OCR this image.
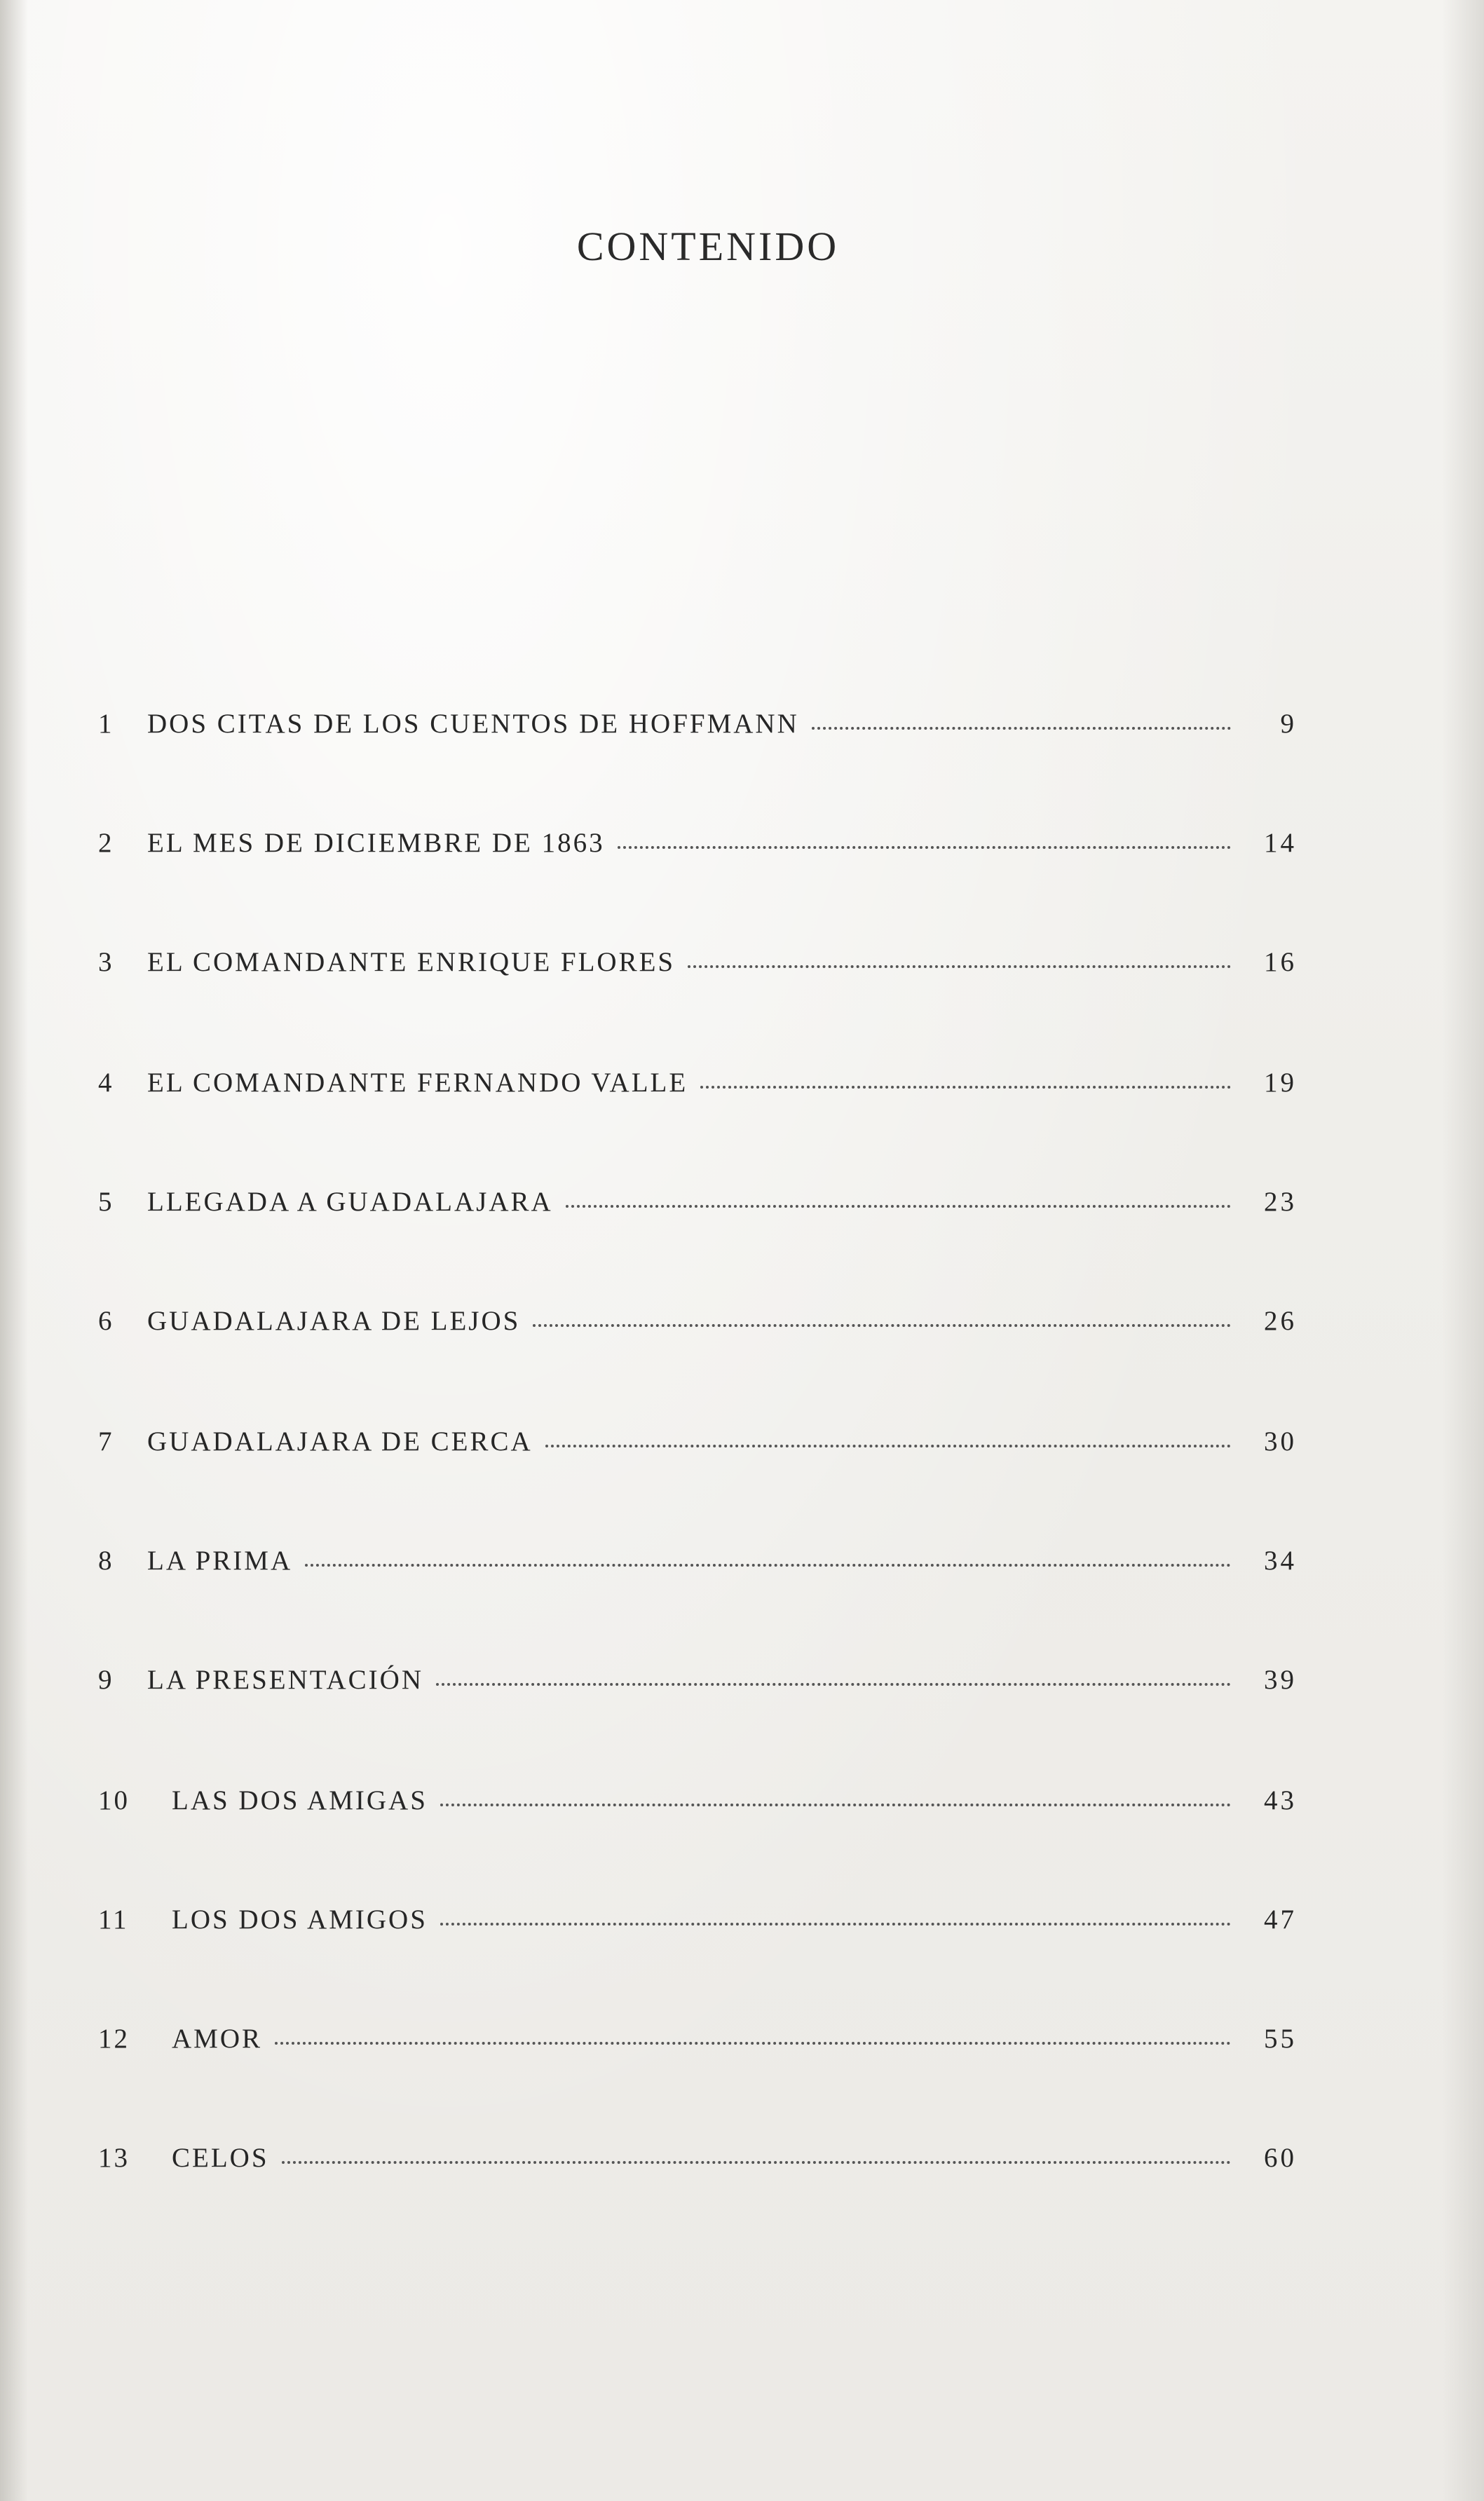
CONTENIDO
1	DOS CITAS DE LOS CUENTOS DE HOFFMANN	9
2	EL MES DE DICIEMBRE DE 1863	14
3	EL COMANDANTE ENRIQUE FLORES	16
4	EL COMANDANTE FERNANDO VALLE	19
5	LLEGADA A GUADALAJARA	23
6	GUADALAJARA DE LEJOS	26
7	GUADALAJARA DE CERCA	30
8	LA PRIMA	34
9	LA PRESENTACIÓN	39
10	LAS DOS AMIGAS	43
11	LOS DOS AMIGOS	47
12	AMOR	55
13	CELOS	60
